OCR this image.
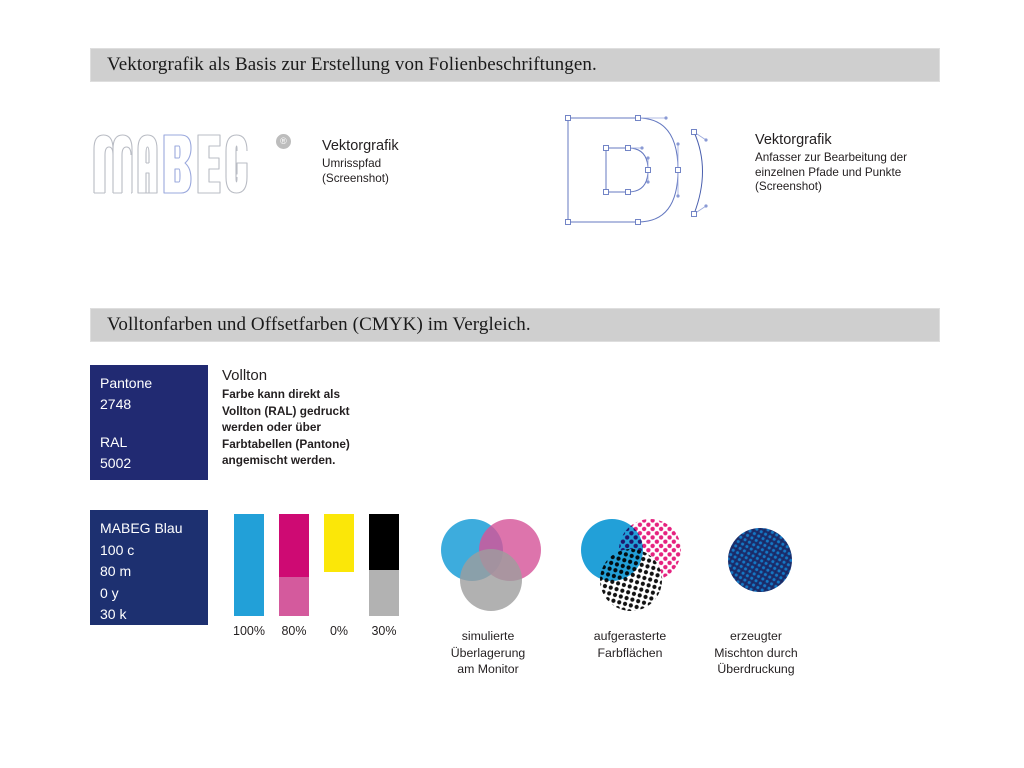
Vektorgrafik als Basis zur Erstellung von Folienbeschriftungen.
® Vektorgrafik
Umrisspfad
(Screenshot)
Vektorgrafik
Anfasser zur Bearbeitung der
einzelnen Pfade und Punkte
(Screenshot)
Volltonfarben und Offsetfarben (CMYK) im Vergleich.
Pantone
2748
RAL
5002
Vollton
Farbe kann direkt als
Vollton (RAL) gedruckt
werden oder über
Farbtabellen (Pantone)
angemischt werden.
MABEG Blau
100 c
80 m
0 y
30 k
100%	80%	0%	30%	simulierte
Überlagerung
am Monitor
aufgerasterte
Farbflächen
erzeugter
Mischton durch
Überdruckung
